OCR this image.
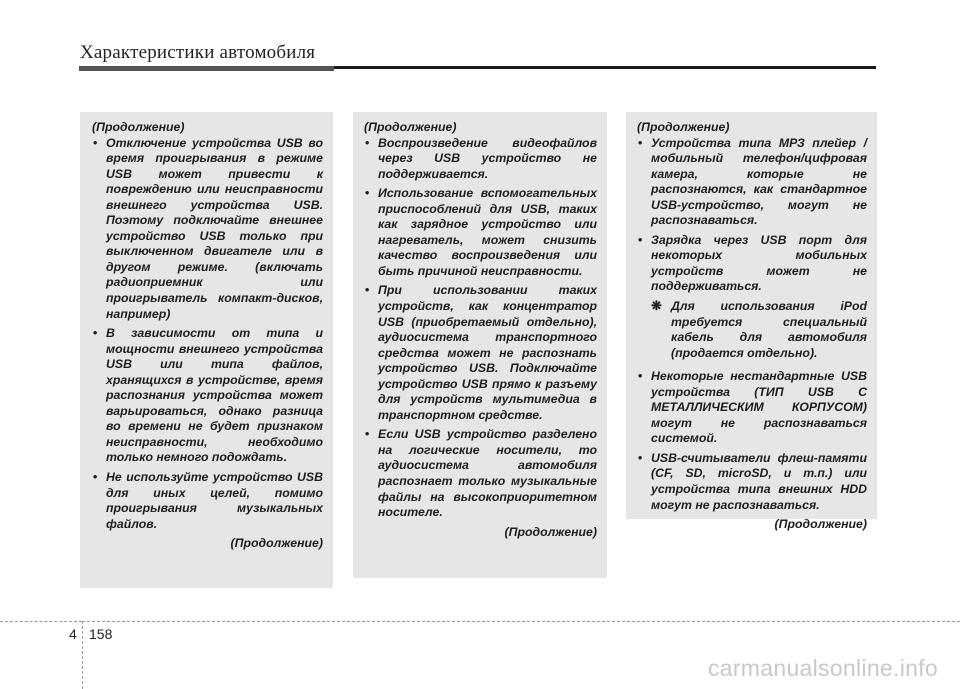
Характеристики автомобиля
(Продолжение)
• Отключение устройства USB во время проигрывания в режиме USB может привести к повреждению или неисправности внешнего устройства USB. Поэтому подключайте внешнее устройство USB только при выключенном двигателе или в другом режиме. (включать радиоприемник или проигрыватель компакт-дисков, например)
• В зависимости от типа и мощности внешнего устройства USB или типа файлов, хранящихся в устройстве, время распознания устройства может варьироваться, однако разница во времени не будет признаком неисправности, необходимо только немного подождать.
• Не используйте устройство USB для иных целей, помимо проигрывания музыкальных файлов.
(Продолжение)
(Продолжение)
• Воспроизведение видеофайлов через USB устройство не поддерживается.
• Использование вспомогательных приспособлений для USB, таких как зарядное устройство или нагреватель, может снизить качество воспроизведения или быть причиной неисправности.
• При использовании таких устройств, как концентратор USB (приобретаемый отдельно), аудиосистема транспортного средства может не распознать устройство USB. Подключайте устройство USB прямо к разъему для устройств мультимедиа в транспортном средстве.
• Если USB устройство разделено на логические носители, то аудиосистема автомобиля распознает только музыкальные файлы на высокоприоритетном носителе.
(Продолжение)
(Продолжение)
• Устройства типа МРЗ плейер /мобильный телефон/цифровая камера, которые не распознаются, как стандартное USB-устройство, могут не распознаваться.
• Зарядка через USB порт для некоторых мобильных устройств может не поддерживаться.
❋ Для использования iPod требуется специальный кабель для автомобиля (продается отдельно).
• Некоторые нестандартные USB устройства (ТИП USB С МЕТАЛЛИЧЕСКИМ КОРПУСОМ) могут не распознаваться системой.
• USB-считыватели флеш-памяти (CF, SD, microSD, и т.п.) или устройства типа внешних HDD могут не распознаваться.
(Продолжение)
4 158
carmanualsonline.info
